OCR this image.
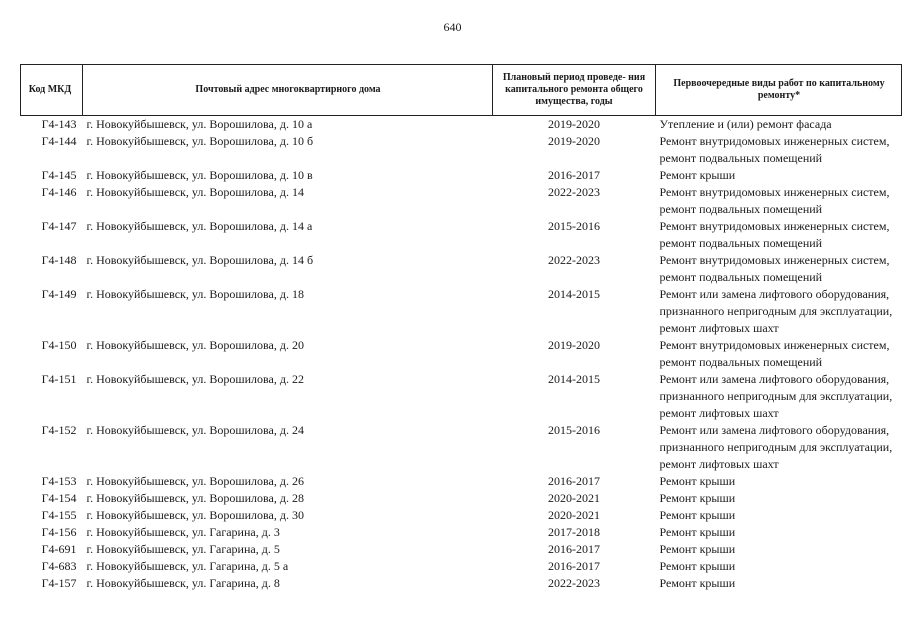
640
Код МКД	Почтовый адрес многоквартирного дома	Плановый период проведе- ния капитального ремонта общего имущества, годы	Первоочередные виды работ по капитальному ремонту*
Г4-143	г. Новокуйбышевск, ул. Ворошилова, д. 10 а	2019-2020	Утепление и (или) ремонт фасада

Г4-144	г. Новокуйбышевск, ул. Ворошилова, д. 10 б	2019-2020	Ремонт внутридомовых инженерных систем,
ремонт подвальных помещений

Г4-145	г. Новокуйбышевск, ул. Ворошилова, д. 10 в	2016-2017	Ремонт крыши

Г4-146	г. Новокуйбышевск, ул. Ворошилова, д. 14	2022-2023	Ремонт внутридомовых инженерных систем,
ремонт подвальных помещений

Г4-147	г. Новокуйбышевск, ул. Ворошилова, д. 14 а	2015-2016	Ремонт внутридомовых инженерных систем,
ремонт подвальных помещений

Г4-148	г. Новокуйбышевск, ул. Ворошилова, д. 14 б	2022-2023	Ремонт внутридомовых инженерных систем,
ремонт подвальных помещений

Г4-149	г. Новокуйбышевск, ул. Ворошилова, д. 18	2014-2015	Ремонт или замена лифтового оборудования,
признанного непригодным для эксплуатации,
ремонт лифтовых шахт

Г4-150	г. Новокуйбышевск, ул. Ворошилова, д. 20	2019-2020	Ремонт внутридомовых инженерных систем,
ремонт подвальных помещений

Г4-151	г. Новокуйбышевск, ул. Ворошилова, д. 22	2014-2015	Ремонт или замена лифтового оборудования,
признанного непригодным для эксплуатации,
ремонт лифтовых шахт

Г4-152	г. Новокуйбышевск, ул. Ворошилова, д. 24	2015-2016	Ремонт или замена лифтового оборудования,
признанного непригодным для эксплуатации,
ремонт лифтовых шахт

Г4-153	г. Новокуйбышевск, ул. Ворошилова, д. 26	2016-2017	Ремонт крыши

Г4-154	г. Новокуйбышевск, ул. Ворошилова, д. 28	2020-2021	Ремонт крыши

Г4-155	г. Новокуйбышевск, ул. Ворошилова, д. 30	2020-2021	Ремонт крыши

Г4-156	г. Новокуйбышевск, ул. Гагарина, д. 3	2017-2018	Ремонт крыши

Г4-691	г. Новокуйбышевск, ул. Гагарина, д. 5	2016-2017	Ремонт крыши

Г4-683	г. Новокуйбышевск, ул. Гагарина, д. 5 а	2016-2017	Ремонт крыши

Г4-157	г. Новокуйбышевск, ул. Гагарина, д. 8	2022-2023	Ремонт крыши
